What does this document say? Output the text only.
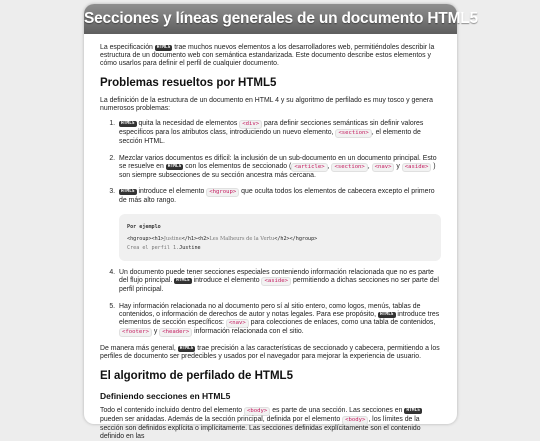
Secciones y líneas generales de un documento HTML5

La especificación HTML5 trae muchos nuevos elementos a los desarrolladores web, permitiéndoles describir la estructura de un documento web con semántica estandarizada. Este documento describe estos elementos y cómo usarlos para definir el perfil de cualquier documento.

Problemas resueltos por HTML5

La definición de la estructura de un documento en HTML 4 y su algoritmo de perfilado es muy tosco y genera numerosos problemas:

1. HTML5 quita la necesidad de elementos <div> para definir secciones semánticas sin definir valores específicos para los atributos class, introduciendo un nuevo elemento, <section> , el elemento de sección HTML.
2. Mezclar varios documentos es difícil: la inclusión de un sub-documento en un documento principal. Esto se resuelve en HTML5 con los elementos de seccionado ( <article> , <section> , <nav> y <aside> ) son siempre subsecciones de su sección ancestra más cercana.
3. HTML5 introduce el elemento <hgroup> que oculta todos los elementos de cabecera excepto el primero de más alto rango.
Por ejemplo
<hgroup><h1>Justine</h1><h2>Les Malheurs de la Vertu</h2></hgroup>
Crea el perfil 1.Justine
4. Un documento puede tener secciones especiales conteniendo información relacionada que no es parte del flujo principal. HTML5 introduce el elemento <aside> permitiendo a dichas secciones no ser parte del perfil principal.
5. Hay información relacionada no al documento pero sí al sitio entero, como logos, menús, tablas de contenidos, o información de derechos de autor y notas legales. Para ese propósito, HTML5 introduce tres elementos de sección específicos: <nav> para colecciones de enlaces, como una tabla de contenidos, <footer> y <header> información relacionada con el sitio.

De manera más general, HTML5 trae precisión a las características de seccionado y cabecera, permitiendo a los perfiles de documento ser predecibles y usados por el navegador para mejorar la experiencia de usuario.

El algoritmo de perfilado de HTML5
Definiendo secciones en HTML5

Todo el contenido incluido dentro del elemento <body> es parte de una sección. Las secciones en HTML5 pueden ser anidadas. Además de la sección principal, definida por el elemento <body> , los límites de la sección son definidos explícita o implícitamente. Las secciones definidas explícitamente son el contenido definido en las
